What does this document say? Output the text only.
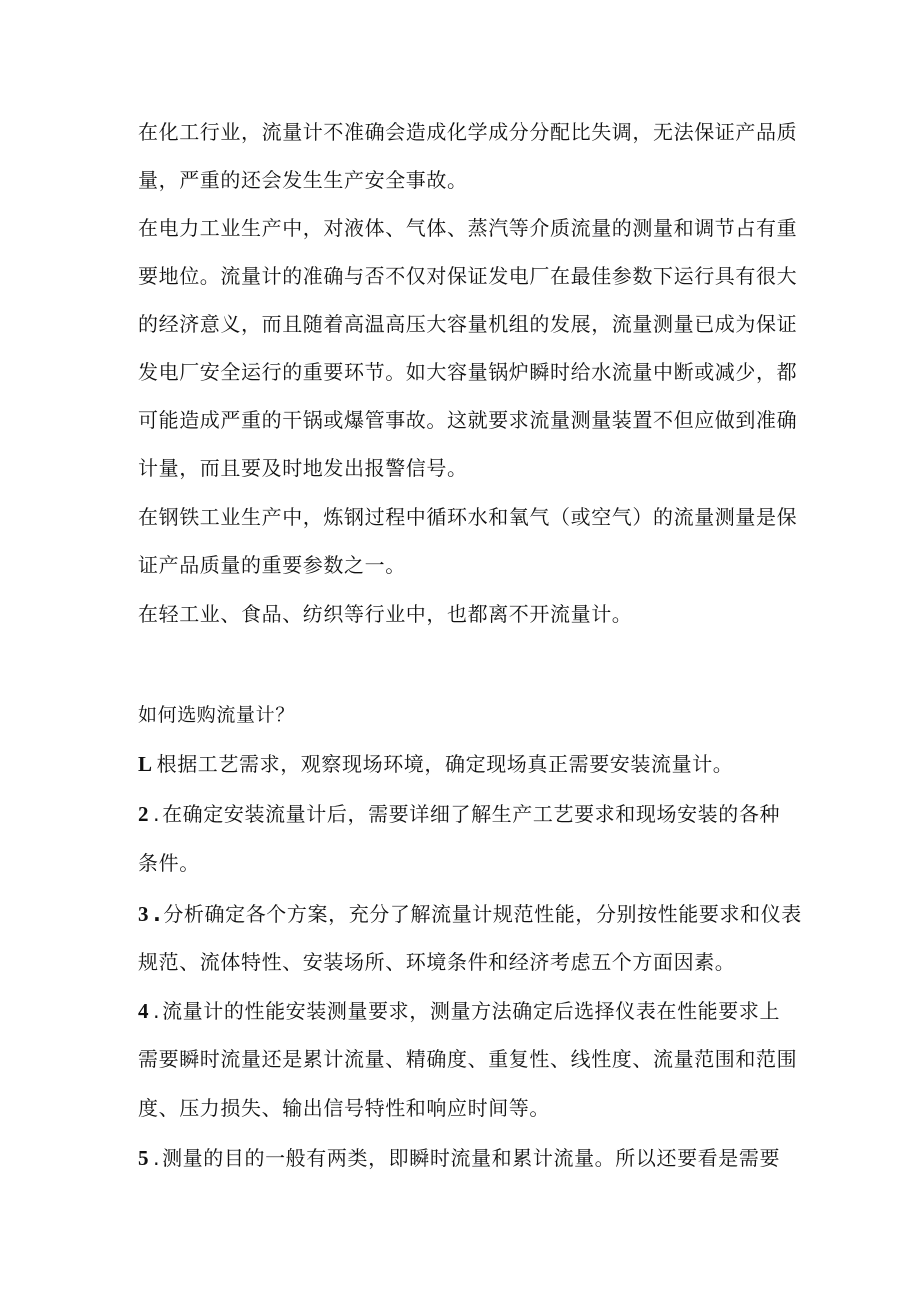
在化工行业，流量计不准确会造成化学成分分配比失调，无法保证产品质
量，严重的还会发生生产安全事故。
在电力工业生产中，对液体、气体、蒸汽等介质流量的测量和调节占有重
要地位。流量计的准确与否不仅对保证发电厂在最佳参数下运行具有很大
的经济意义，而且随着高温高压大容量机组的发展，流量测量已成为保证
发电厂安全运行的重要环节。如大容量锅炉瞬时给水流量中断或减少，都
可能造成严重的干锅或爆管事故。这就要求流量测量装置不但应做到准确
计量，而且要及时地发出报警信号。
在钢铁工业生产中，炼钢过程中循环水和氧气（或空气）的流量测量是保
证产品质量的重要参数之一。
在轻工业、食品、纺织等行业中，也都离不开流量计。
如何选购流量计？
L 根据工艺需求，观察现场环境，确定现场真正需要安装流量计。
2 . 在确定安装流量计后，需要详细了解生产工艺要求和现场安装的各种
条件。
3 . 分析确定各个方案，充分了解流量计规范性能，分别按性能要求和仪表
规范、流体特性、安装场所、环境条件和经济考虑五个方面因素。
4 . 流量计的性能安装测量要求，测量方法确定后选择仪表在性能要求上
需要瞬时流量还是累计流量、精确度、重复性、线性度、流量范围和范围
度、压力损失、输出信号特性和响应时间等。
5 . 测量的目的一般有两类，即瞬时流量和累计流量。所以还要看是需要
